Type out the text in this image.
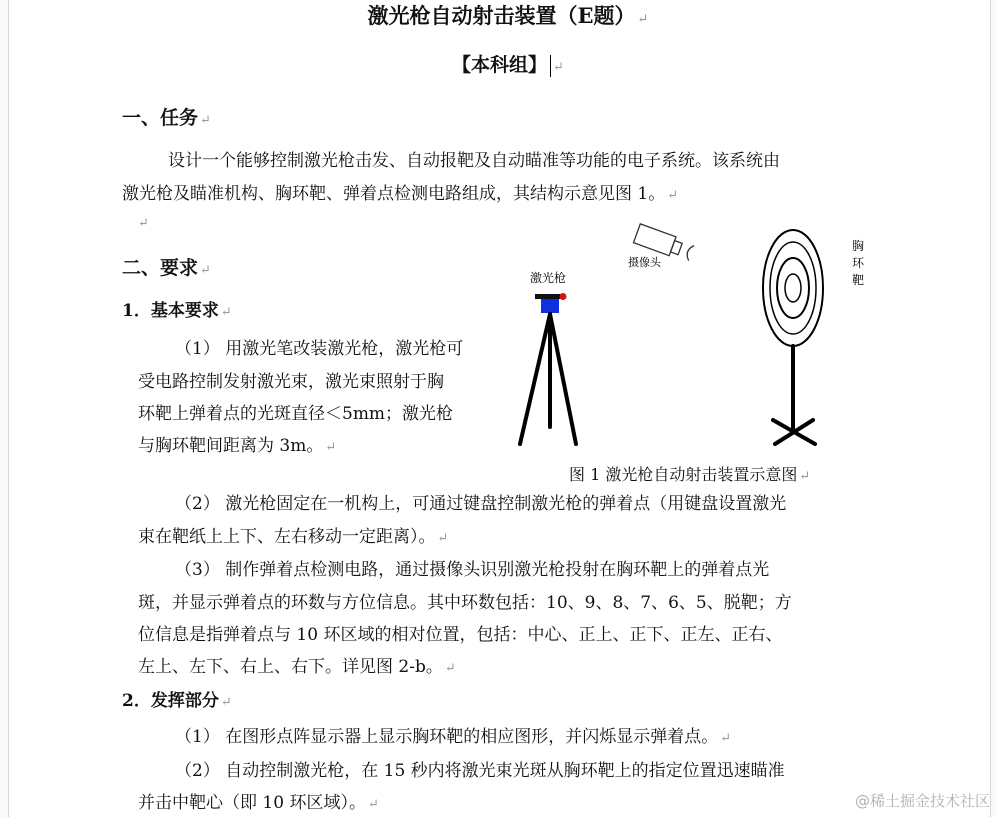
激光枪自动射击装置（E题） ↵
【本科组】 ↵
一、任务 ↵
设计一个能够控制激光枪击发、自动报靶及自动瞄准等功能的电子系统。该系统由
激光枪及瞄准机构、胸环靶、弹着点检测电路组成，其结构示意见图 1。 ↵
↵
二、要求 ↵
1．基本要求 ↵
（1） 用激光笔改装激光枪，激光枪可
受电路控制发射激光束，激光束照射于胸
环靶上弹着点的光斑直径＜5mm；激光枪
与胸环靶间距离为 3m。 ↵
激光枪
摄像头
胸
环
靶
图 1 激光枪自动射击装置示意图 ↵
（2） 激光枪固定在一机构上，可通过键盘控制激光枪的弹着点（用键盘设置激光
束在靶纸上上下、左右移动一定距离）。 ↵
（3） 制作弹着点检测电路，通过摄像头识别激光枪投射在胸环靶上的弹着点光
斑，并显示弹着点的环数与方位信息。其中环数包括：10、9、8、7、6、5、脱靶；方
位信息是指弹着点与 10 环区域的相对位置，包括：中心、正上、正下、正左、正右、
左上、左下、右上、右下。详见图 2-b。 ↵
2．发挥部分 ↵
（1） 在图形点阵显示器上显示胸环靶的相应图形，并闪烁显示弹着点。 ↵
（2） 自动控制激光枪，在 15 秒内将激光束光斑从胸环靶上的指定位置迅速瞄准
并击中靶心（即 10 环区域）。 ↵	@稀土掘金技术社区
